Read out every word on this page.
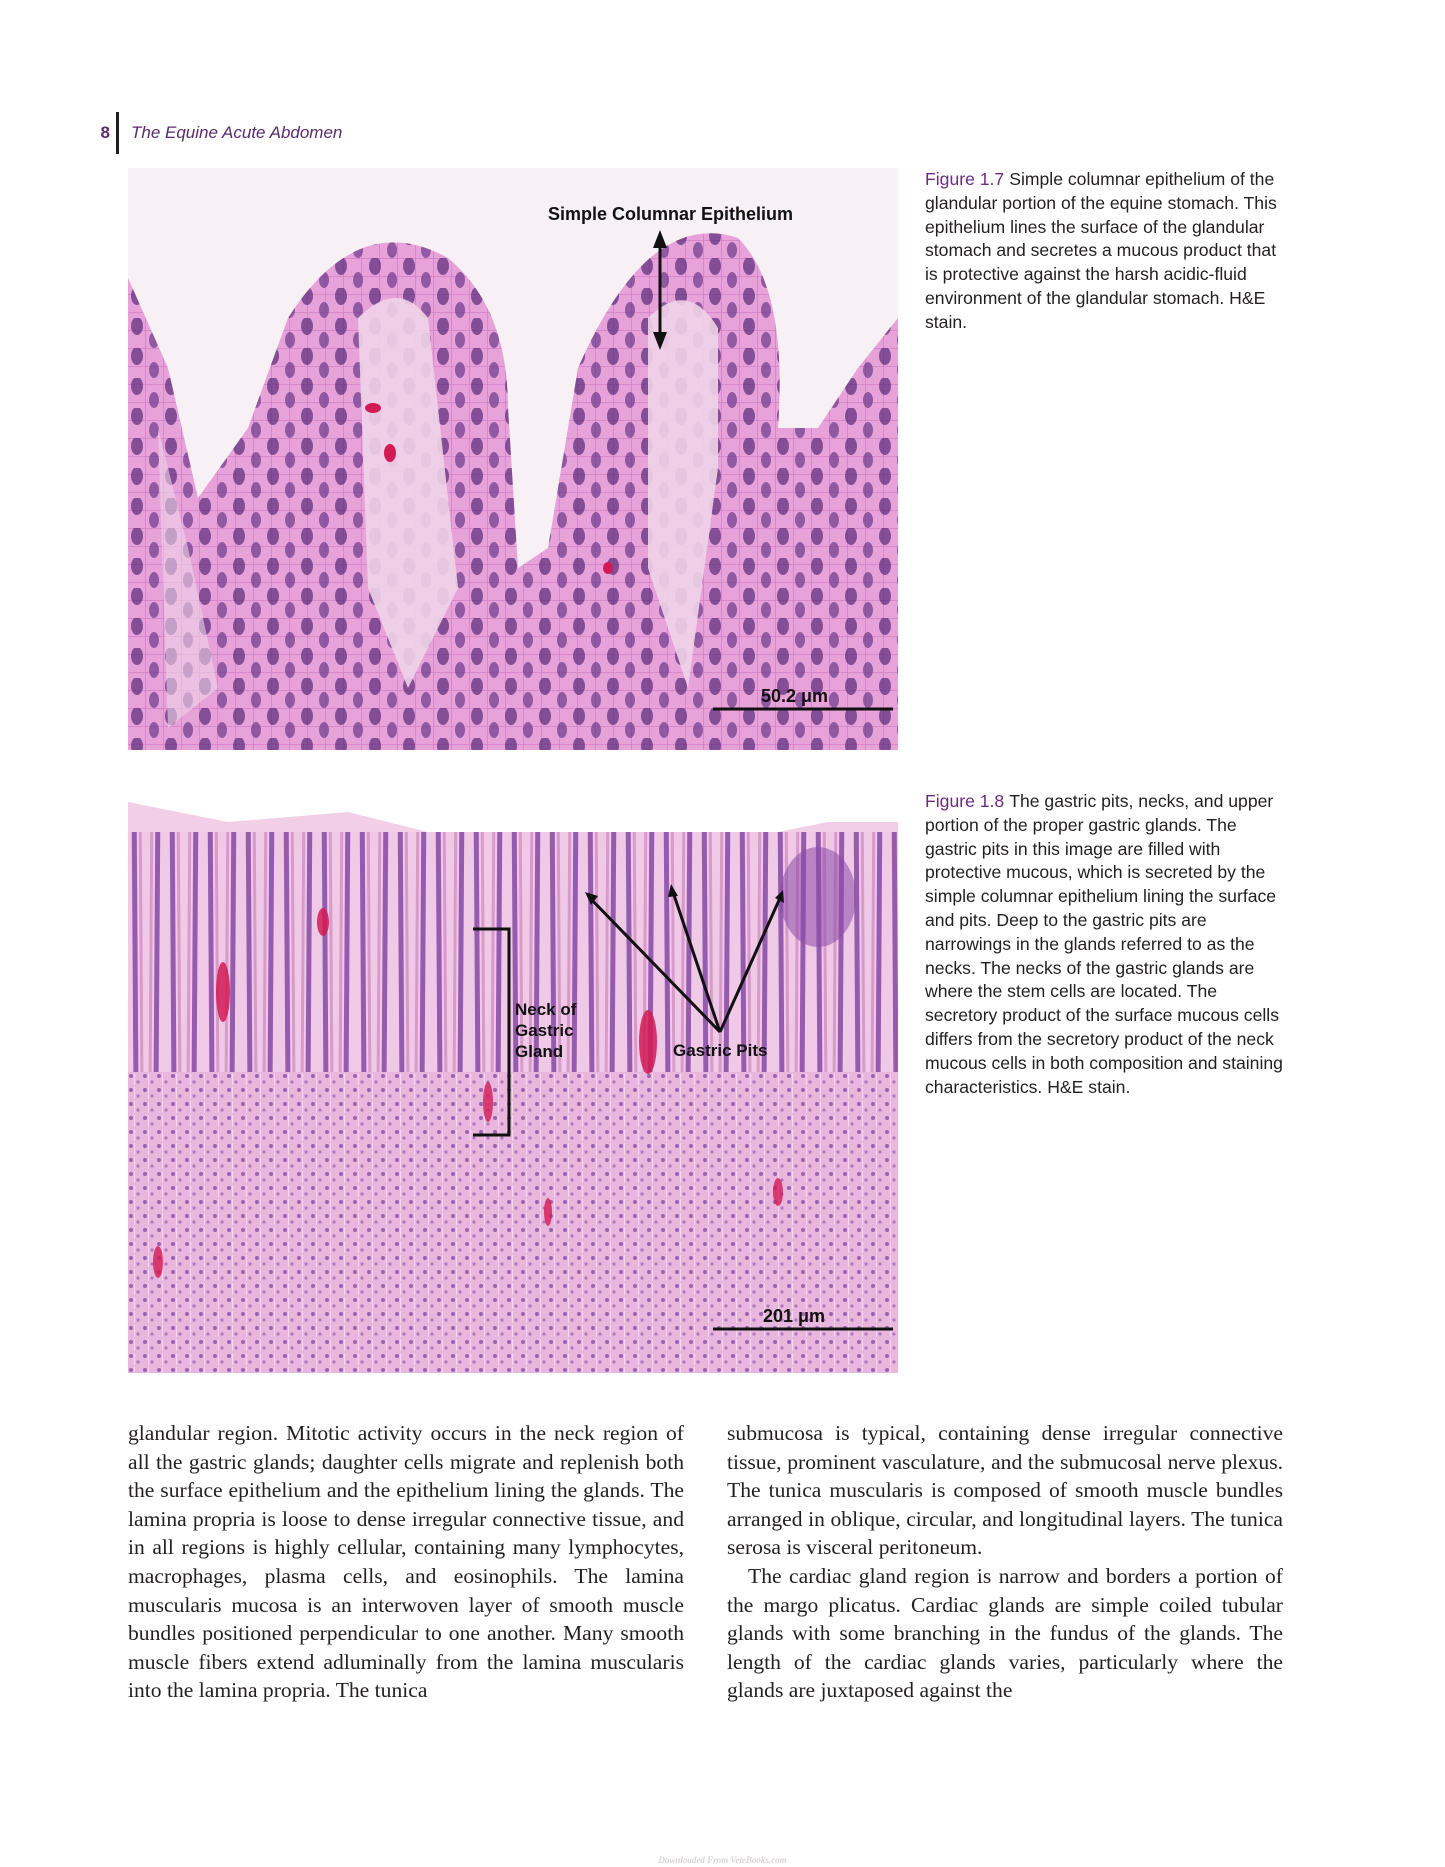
8 The Equine Acute Abdomen
Simple Columnar Epithelium
50.2 μm
Figure 1.7 Simple columnar epithelium of the glandular portion of the equine stomach. This epithelium lines the surface of the glandular stomach and secretes a mucous product that is protective against the harsh acidic-fluid environment of the glandular stomach. H&E stain.
Neck of
Gastric
Gland	Gastric Pits
201 μm
Figure 1.8 The gastric pits, necks, and upper portion of the proper gastric glands. The gastric pits in this image are filled with protective mucous, which is secreted by the simple columnar epithelium lining the surface and pits. Deep to the gastric pits are narrowings in the glands referred to as the necks. The necks of the gastric glands are where the stem cells are located. The secretory product of the surface mucous cells differs from the secretory product of the neck mucous cells in both composition and staining characteristics. H&E stain.

glandular region. Mitotic activity occurs in the neck region of all the gastric glands; daughter cells migrate and replenish both the surface epithelium and the epithelium lining the glands. The lamina propria is loose to dense irregular connective tissue, and in all regions is highly cellular, containing many lymphocytes, macrophages, plasma cells, and eosinophils. The lamina muscularis mucosa is an interwoven layer of smooth muscle bundles positioned perpendicular to one another. Many smooth muscle fibers extend adluminally from the lamina muscularis into the lamina propria. The tunica

submucosa is typical, containing dense irregular connective tissue, prominent vasculature, and the submucosal nerve plexus. The tunica muscularis is composed of smooth muscle bundles arranged in oblique, circular, and longitudinal layers. The tunica serosa is visceral peritoneum.

The cardiac gland region is narrow and borders a portion of the margo plicatus. Cardiac glands are simple coiled tubular glands with some branching in the fundus of the glands. The length of the cardiac glands varies, particularly where the glands are juxtaposed against the

Downloaded From VeteBooks.com
